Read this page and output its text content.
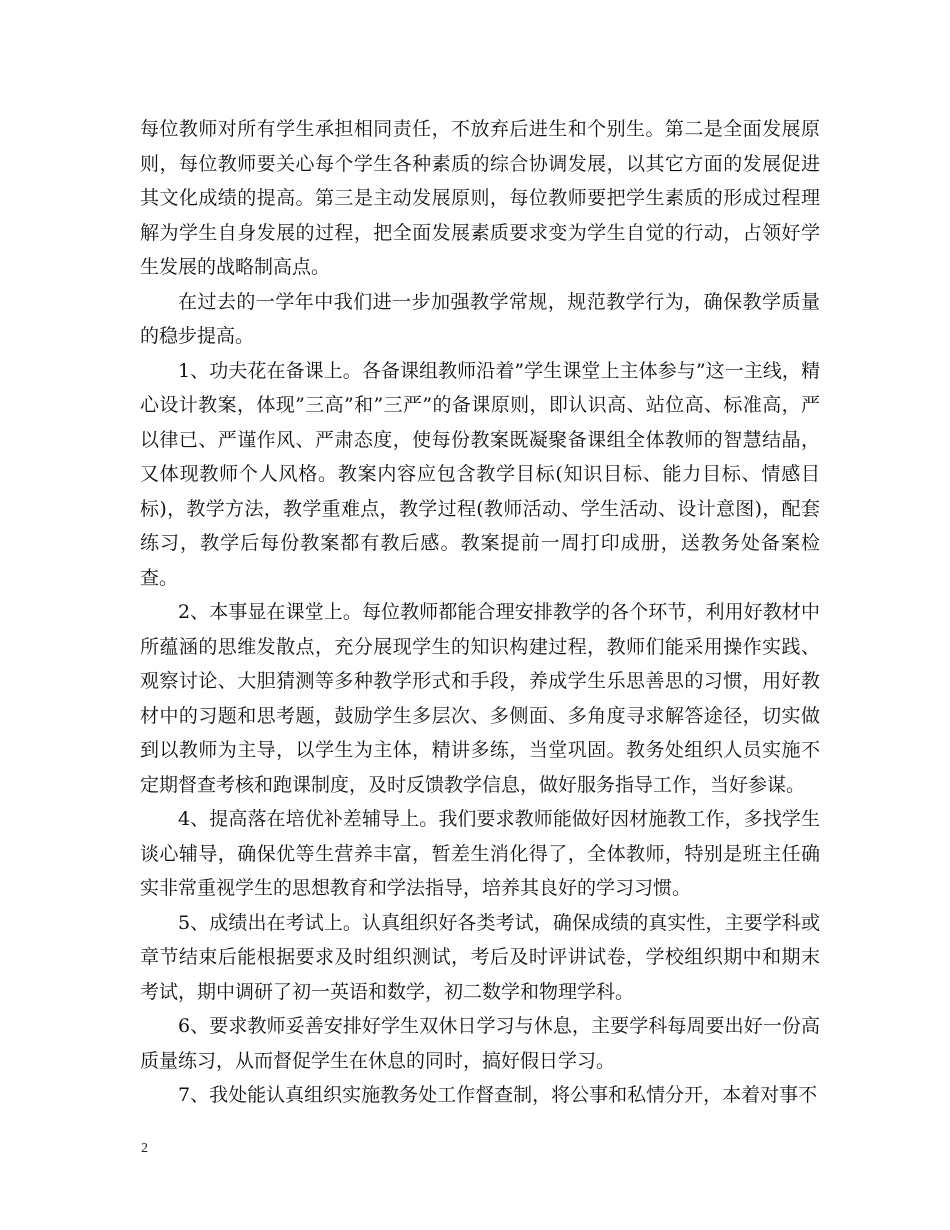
每位教师对所有学生承担相同责任，不放弃后进生和个别生。第二是全面发展原则，每位教师要关心每个学生各种素质的综合协调发展，以其它方面的发展促进其文化成绩的提高。第三是主动发展原则，每位教师要把学生素质的形成过程理解为学生自身发展的过程，把全面发展素质要求变为学生自觉的行动，占领好学生发展的战略制高点。

在过去的一学年中我们进一步加强教学常规，规范教学行为，确保教学质量的稳步提高。

1、功夫花在备课上。各备课组教师沿着”学生课堂上主体参与”这一主线，精心设计教案，体现”三高”和”三严”的备课原则，即认识高、站位高、标准高，严以律已、严谨作风、严肃态度，使每份教案既凝聚备课组全体教师的智慧结晶，又体现教师个人风格。教案内容应包含教学目标(知识目标、能力目标、情感目标)，教学方法，教学重难点，教学过程(教师活动、学生活动、设计意图)，配套练习，教学后每份教案都有教后感。教案提前一周打印成册，送教务处备案检查。

2、本事显在课堂上。每位教师都能合理安排教学的各个环节，利用好教材中所蕴涵的思维发散点，充分展现学生的知识构建过程，教师们能采用操作实践、观察讨论、大胆猜测等多种教学形式和手段，养成学生乐思善思的习惯，用好教材中的习题和思考题，鼓励学生多层次、多侧面、多角度寻求解答途径，切实做到以教师为主导，以学生为主体，精讲多练，当堂巩固。教务处组织人员实施不定期督查考核和跑课制度，及时反馈教学信息，做好服务指导工作，当好参谋。

4、提高落在培优补差辅导上。我们要求教师能做好因材施教工作，多找学生谈心辅导，确保优等生营养丰富，暂差生消化得了，全体教师，特别是班主任确实非常重视学生的思想教育和学法指导，培养其良好的学习习惯。

5、成绩出在考试上。认真组织好各类考试，确保成绩的真实性，主要学科或章节结束后能根据要求及时组织测试，考后及时评讲试卷，学校组织期中和期末考试，期中调研了初一英语和数学，初二数学和物理学科。

6、要求教师妥善安排好学生双休日学习与休息，主要学科每周要出好一份高质量练习，从而督促学生在休息的同时，搞好假日学习。

7、我处能认真组织实施教务处工作督查制，将公事和私情分开，本着对事不

2
